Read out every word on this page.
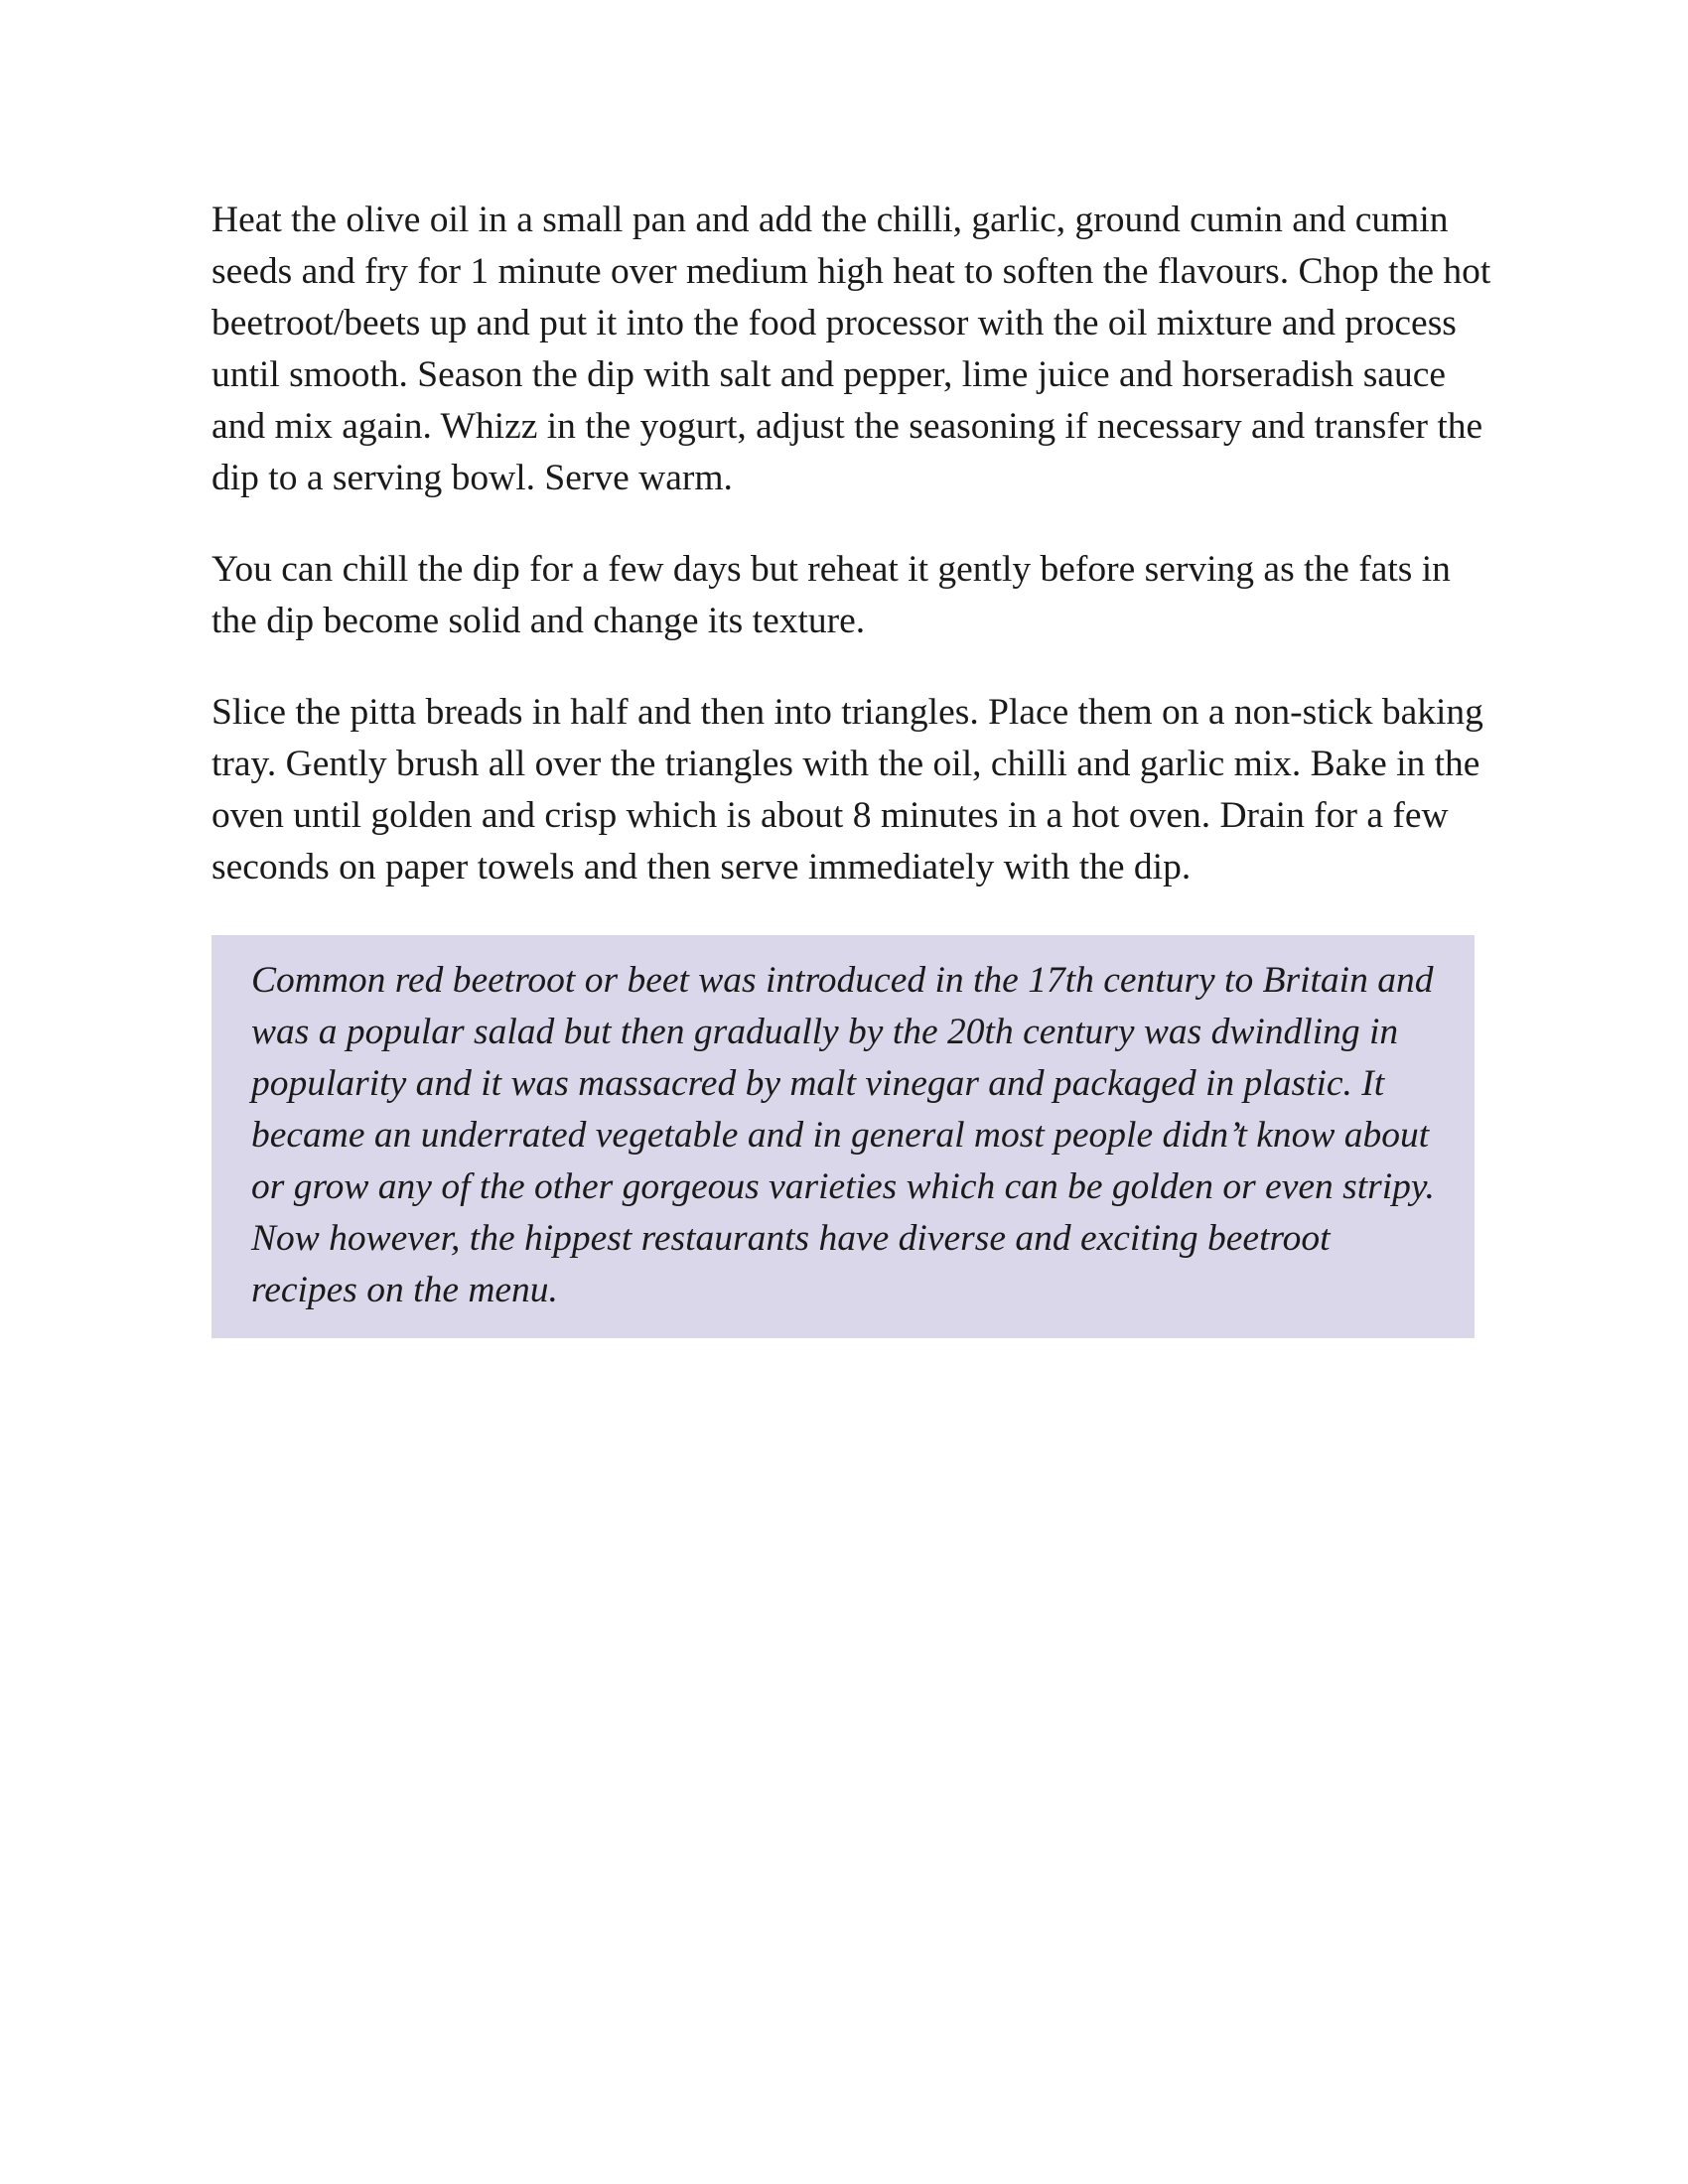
Heat the olive oil in a small pan and add the chilli, garlic, ground cumin and cumin seeds and fry for 1 minute over medium high heat to soften the flavours. Chop the hot beetroot/beets up and put it into the food processor with the oil mixture and process until smooth. Season the dip with salt and pepper, lime juice and horseradish sauce and mix again. Whizz in the yogurt, adjust the seasoning if necessary and transfer the dip to a serving bowl. Serve warm.

You can chill the dip for a few days but reheat it gently before serving as the fats in the dip become solid and change its texture.

Slice the pitta breads in half and then into triangles. Place them on a non-stick baking tray. Gently brush all over the triangles with the oil, chilli and garlic mix. Bake in the oven until golden and crisp which is about 8 minutes in a hot oven. Drain for a few seconds on paper towels and then serve immediately with the dip.

Common red beetroot or beet was introduced in the 17th century to Britain and was a popular salad but then gradually by the 20th century was dwindling in popularity and it was massacred by malt vinegar and packaged in plastic. It became an underrated vegetable and in general most people didn’t know about or grow any of the other gorgeous varieties which can be golden or even stripy. Now however, the hippest restaurants have diverse and exciting beetroot recipes on the menu.
